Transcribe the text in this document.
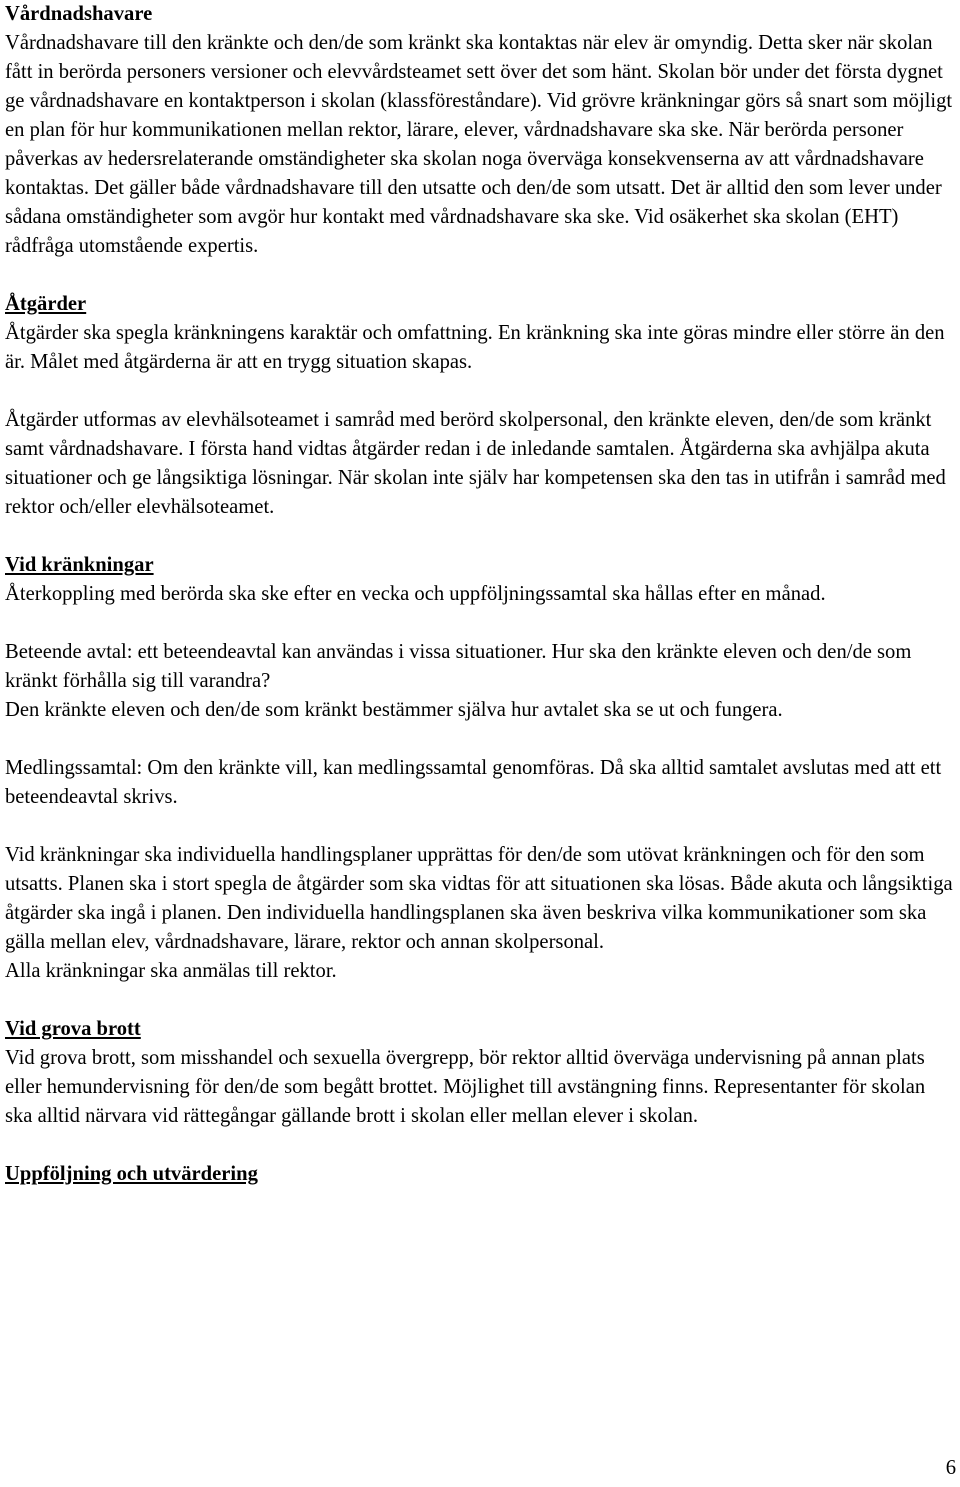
Vårdnadshavare
Vårdnadshavare till den kränkte och den/de som kränkt ska kontaktas när elev är omyndig. Detta sker när skolan fått in berörda personers versioner och elevvårdsteamet sett över det som hänt. Skolan bör under det första dygnet ge vårdnadshavare en kontaktperson i skolan (klassföreståndare). Vid grövre kränkningar görs så snart som möjligt en plan för hur kommunikationen mellan rektor, lärare, elever, vårdnadshavare ska ske. När berörda personer påverkas av hedersrelaterande omständigheter ska skolan noga överväga konsekvenserna av att vårdnadshavare kontaktas. Det gäller både vårdnadshavare till den utsatte och den/de som utsatt. Det är alltid den som lever under sådana omständigheter som avgör hur kontakt med vårdnadshavare ska ske. Vid osäkerhet ska skolan (EHT) rådfråga utomstående expertis.
Åtgärder
Åtgärder ska spegla kränkningens karaktär och omfattning. En kränkning ska inte göras mindre eller större än den är. Målet med åtgärderna är att en trygg situation skapas.
Åtgärder utformas av elevhälsoteamet i samråd med berörd skolpersonal, den kränkte eleven, den/de som kränkt samt vårdnadshavare. I första hand vidtas åtgärder redan i de inledande samtalen. Åtgärderna ska avhjälpa akuta situationer och ge långsiktiga lösningar. När skolan inte själv har kompetensen ska den tas in utifrån i samråd med rektor och/eller elevhälsoteamet.
Vid kränkningar
Återkoppling med berörda ska ske efter en vecka och uppföljningssamtal ska hållas efter en månad.
Beteende avtal: ett beteendeavtal kan användas i vissa situationer. Hur ska den kränkte eleven och den/de som kränkt förhålla sig till varandra?
Den kränkte eleven och den/de som kränkt bestämmer själva hur avtalet ska se ut och fungera.
Medlingssamtal: Om den kränkte vill, kan medlingssamtal genomföras. Då ska alltid samtalet avslutas med att ett beteendeavtal skrivs.
Vid kränkningar ska individuella handlingsplaner upprättas för den/de som utövat kränkningen och för den som utsatts. Planen ska i stort spegla de åtgärder som ska vidtas för att situationen ska lösas. Både akuta och långsiktiga åtgärder ska ingå i planen. Den individuella handlingsplanen ska även beskriva vilka kommunikationer som ska gälla mellan elev, vårdnadshavare, lärare, rektor och annan skolpersonal.
Alla kränkningar ska anmälas till rektor.
Vid grova brott
Vid grova brott, som misshandel och sexuella övergrepp, bör rektor alltid överväga undervisning på annan plats eller hemundervisning för den/de som begått brottet. Möjlighet till avstängning finns. Representanter för skolan ska alltid närvara vid rättegångar gällande brott i skolan eller mellan elever i skolan.
Uppföljning och utvärdering
6
